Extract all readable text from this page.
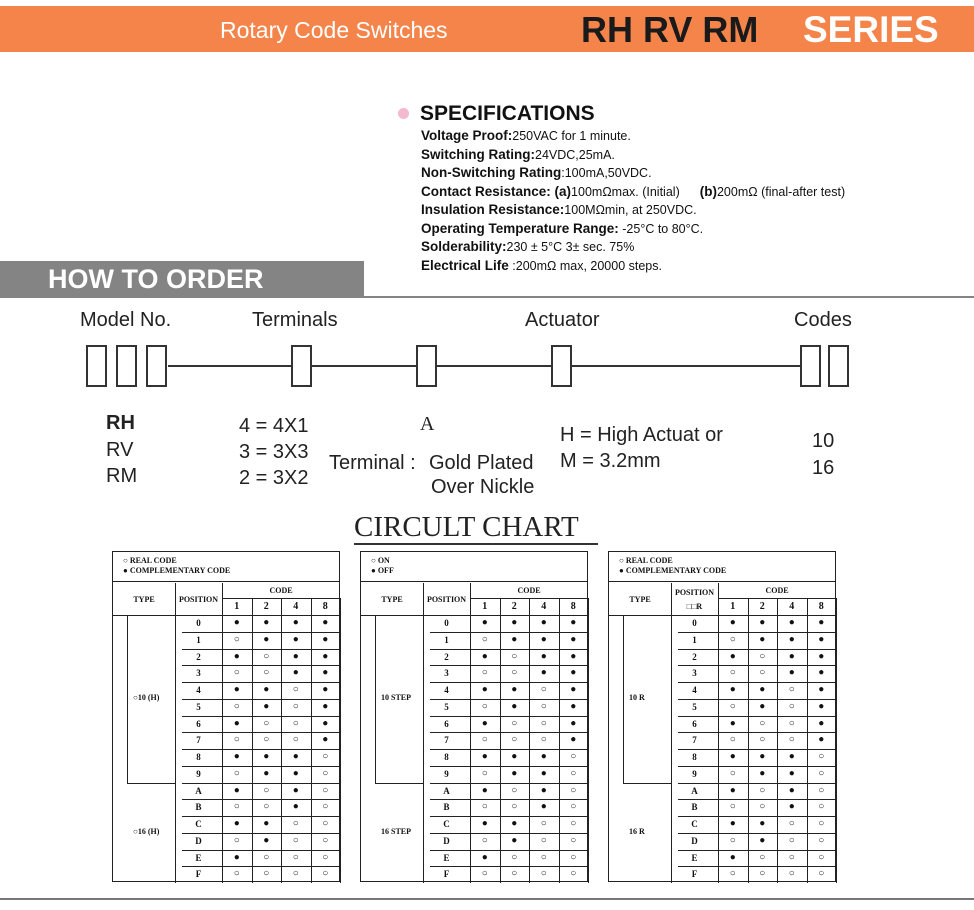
Rotary Code Switches	RH RV RM SERIES
SPECIFICATIONS
Voltage Proof:250VAC for 1 minute.
Switching Rating:24VDC,25mA.
Non-Switching Rating:100mA,50VDC.
Contact Resistance: (a)100mΩmax. (Initial) (b)200mΩ (final-after test)
Insulation Resistance:100MΩmin, at 250VDC.
Operating Temperature Range: -25°C to 80°C.
Solderability:230 ± 5°C 3± sec. 75%
Electrical Life :200mΩ max, 20000 steps.
HOW TO ORDER
Model No.	Terminals	Actuator	Codes
RH
RV
RM
4 = 4X1
3 = 3X3
2 = 3X2
A
Terminal : Gold Plated
Over Nickle
H = High Actuat or
M = 3.2mm
10
16
CIRCULT CHART
○ REAL CODE
● COMPLEMENTARY CODE
TYPE	POSITION
CODE
1	2	4	8
0	●	●	●	●
1	○	●	●	●
2	●	○	●	●
3	○	○	●	●
4	●	●	○	●
5	○	●	○	●
6	●	○	○	●
7	○	○	○	●
8	●	●	●	○
9	○	●	●	○
A	●	○	●	○
B	○	○	●	○
C	●	●	○	○
D	○	●	○	○
E	●	○	○	○
F	○	○	○	○
○10 (H)
○16 (H)
○ ON
● OFF
TYPE	POSITION
CODE
1	2	4	8
0	●	●	●	●
1	○	●	●	●
2	●	○	●	●
3	○	○	●	●
4	●	●	○	●
5	○	●	○	●
6	●	○	○	●
7	○	○	○	●
8	●	●	●	○
9	○	●	●	○
A	●	○	●	○
B	○	○	●	○
C	●	●	○	○
D	○	●	○	○
E	●	○	○	○
F	○	○	○	○
10 STEP
16 STEP
○ REAL CODE
● COMPLEMENTARY CODE
TYPE
POSITION
□□R
CODE
1	2	4	8
0	●	●	●	●
1	○	●	●	●
2	●	○	●	●
3	○	○	●	●
4	●	●	○	●
5	○	●	○	●
6	●	○	○	●
7	○	○	○	●
8	●	●	●	○
9	○	●	●	○
A	●	○	●	○
B	○	○	●	○
C	●	●	○	○
D	○	●	○	○
E	●	○	○	○
F	○	○	○	○
10 R
16 R
